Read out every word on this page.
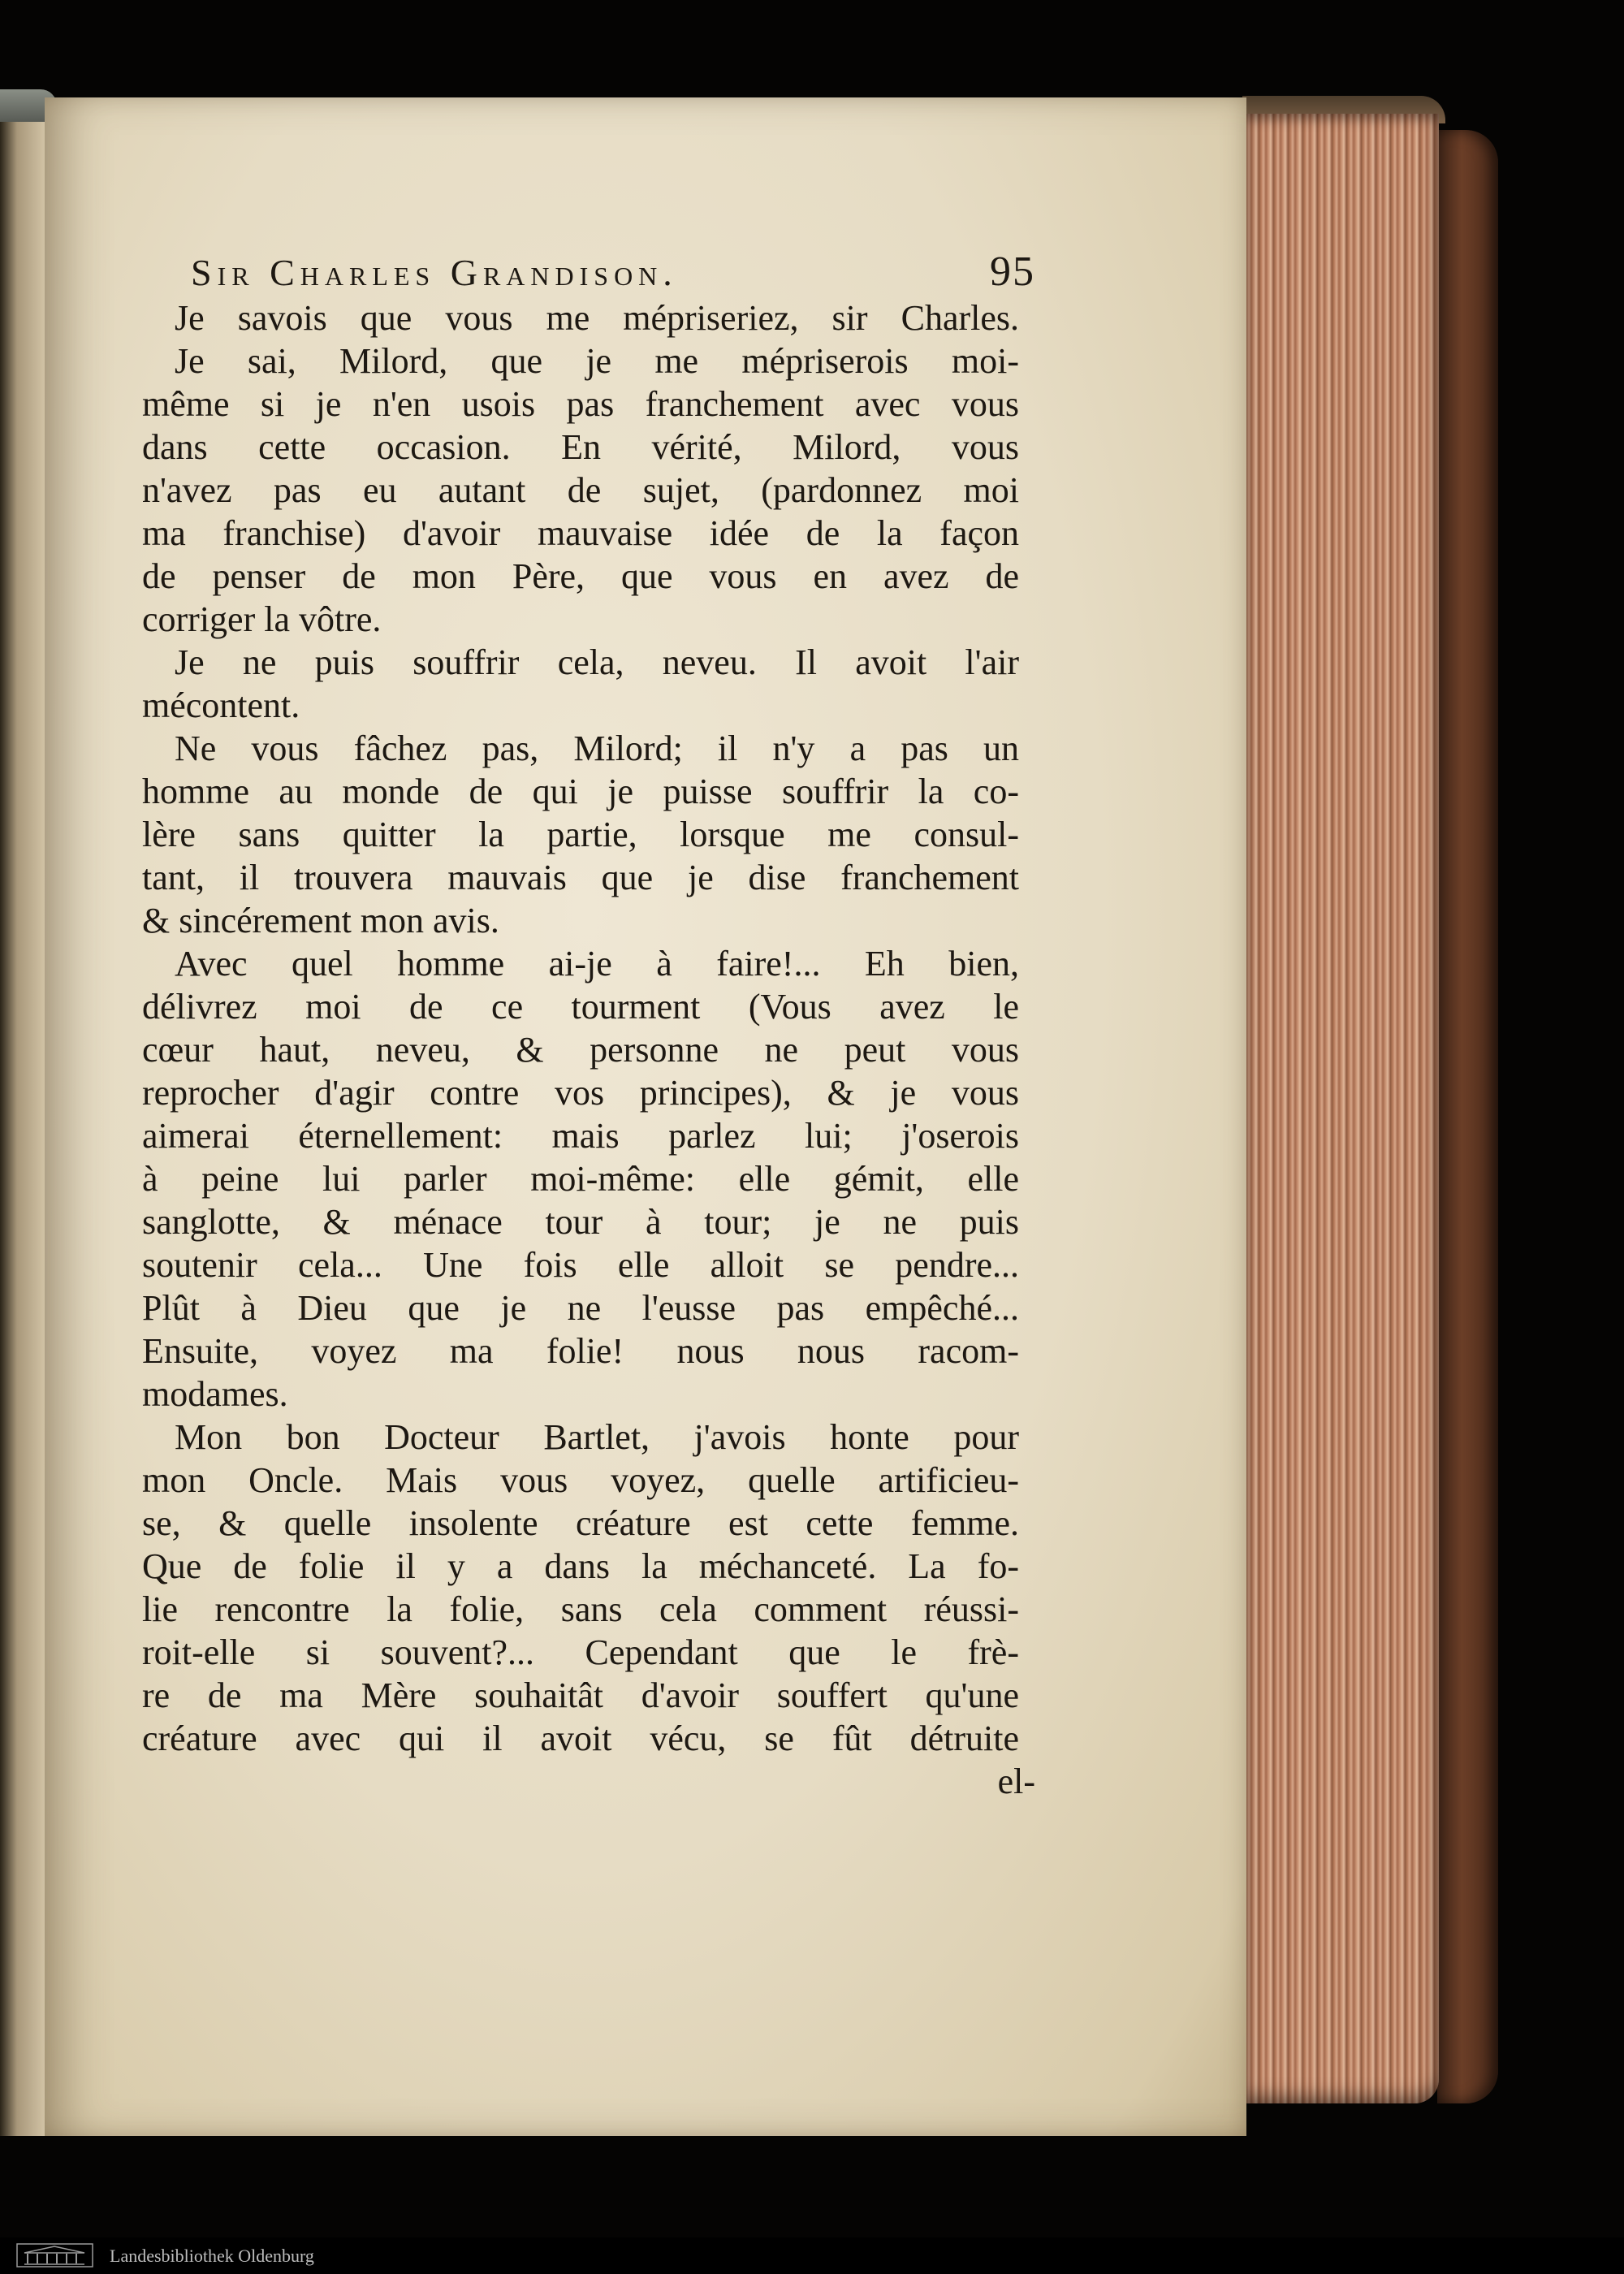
Sir Charles Grandison.	95
Je savois que vous me mépriseriez, sir Charles.
Je sai, Milord, que je me mépriserois moi-
même si je n'en usois pas franchement avec vous
dans cette occasion. En vérité, Milord, vous
n'avez pas eu autant de sujet, (pardonnez moi
ma franchise) d'avoir mauvaise idée de la façon
de penser de mon Père, que vous en avez de
corriger la vôtre.
Je ne puis souffrir cela, neveu. Il avoit l'air
mécontent.
Ne vous fâchez pas, Milord; il n'y a pas un
homme au monde de qui je puisse souffrir la co-
lère sans quitter la partie, lorsque me consul-
tant, il trouvera mauvais que je dise franchement
& sincérement mon avis.
Avec quel homme ai-je à faire!... Eh bien,
délivrez moi de ce tourment (Vous avez le
cœur haut, neveu, & personne ne peut vous
reprocher d'agir contre vos principes), & je vous
aimerai éternellement: mais parlez lui; j'oserois
à peine lui parler moi-même: elle gémit, elle
sanglotte, & ménace tour à tour; je ne puis
soutenir cela... Une fois elle alloit se pendre...
Plût à Dieu que je ne l'eusse pas empêché...
Ensuite, voyez ma folie! nous nous racom-
modames.
Mon bon Docteur Bartlet, j'avois honte pour
mon Oncle. Mais vous voyez, quelle artificieu-
se, & quelle insolente créature est cette femme.
Que de folie il y a dans la méchanceté. La fo-
lie rencontre la folie, sans cela comment réussi-
roit-elle si souvent?... Cependant que le frè-
re de ma Mère souhaitât d'avoir souffert qu'une
créature avec qui il avoit vécu, se fût détruite
el-
Landesbibliothek Oldenburg
